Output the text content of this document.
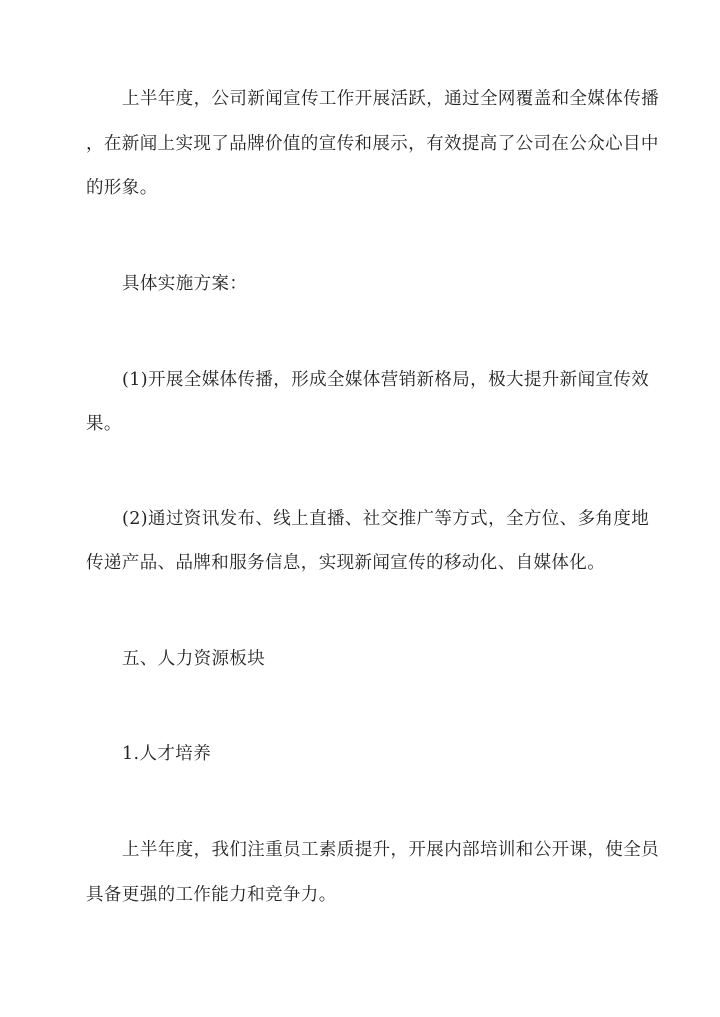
上半年度，公司新闻宣传工作开展活跃，通过全网覆盖和全媒体传播
，在新闻上实现了品牌价值的宣传和展示，有效提高了公司在公众心目中
的形象。
具体实施方案：
(1)开展全媒体传播，形成全媒体营销新格局，极大提升新闻宣传效
果。
(2)通过资讯发布、线上直播、社交推广等方式，全方位、多角度地
传递产品、品牌和服务信息，实现新闻宣传的移动化、自媒体化。
五、人力资源板块
1.人才培养
上半年度，我们注重员工素质提升，开展内部培训和公开课，使全员
具备更强的工作能力和竞争力。
